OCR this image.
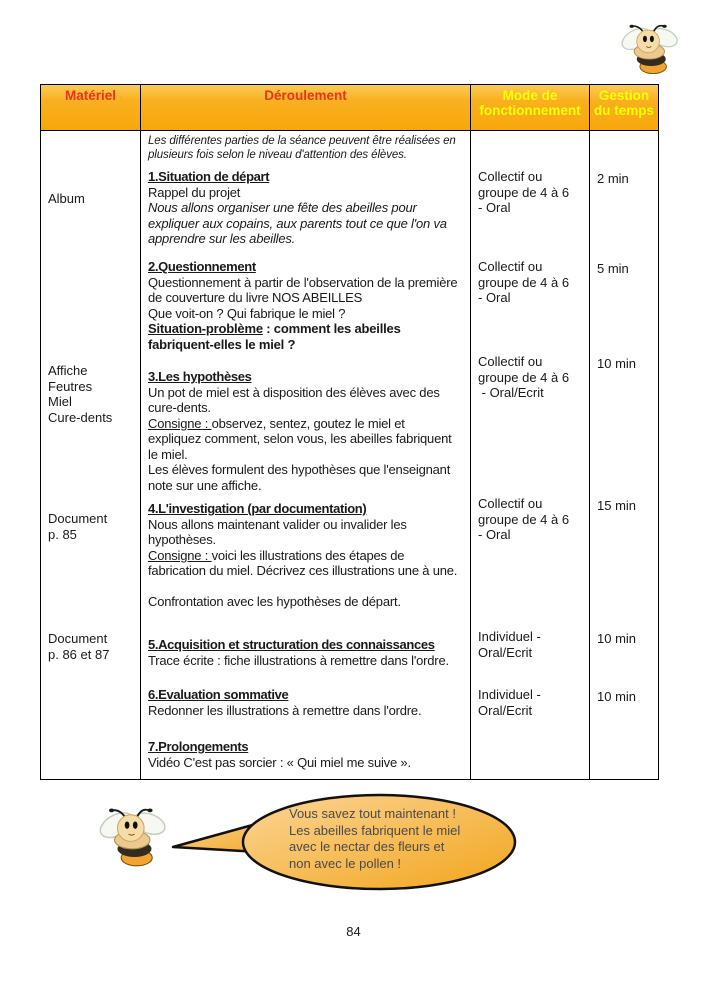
Matériel	Déroulement	Mode de fonctionnement
Gestion du temps
Album
Affiche
Feutres
Miel
Cure-dents
Document
p. 85
Document
p. 86 et 87
Les différentes parties de la séance peuvent être réalisées en plusieurs fois selon le niveau d'attention des élèves.
1.Situation de départ
Rappel du projet
Nous allons organiser une fête des abeilles pour expliquer aux copains, aux parents tout ce que l'on va apprendre sur les abeilles.
2.Questionnement
Questionnement à partir de l'observation de la première de couverture du livre NOS ABEILLES
Que voit-on ? Qui fabrique le miel ?
Situation-problème : comment les abeilles fabriquent-elles le miel ?
3.Les hypothèses
Un pot de miel est à disposition des élèves avec des cure-dents.
Consigne : observez, sentez, goutez le miel et expliquez comment, selon vous, les abeilles fabriquent le miel.
Les élèves formulent des hypothèses que l'enseignant note sur une affiche.
4.L'investigation (par documentation)
Nous allons maintenant valider ou invalider les hypothèses.
Consigne : voici les illustrations des étapes de fabrication du miel. Décrivez ces illustrations une à une.
Confrontation avec les hypothèses de départ.
5.Acquisition et structuration des connaissances
Trace écrite : fiche illustrations à remettre dans l'ordre.
6.Evaluation sommative
Redonner les illustrations à remettre dans l'ordre.
7.Prolongements
Vidéo C'est pas sorcier : « Qui miel me suive ».
Collectif ou
groupe de 4 à 6
- Oral
Collectif ou
groupe de 4 à 6
- Oral
Collectif ou
groupe de 4 à 6
- Oral/Ecrit
Collectif ou
groupe de 4 à 6
- Oral
Individuel -
Oral/Ecrit
Individuel -
Oral/Ecrit
2 min
5 min
10 min
15 min
10 min
10 min
Vous savez tout maintenant !
Les abeilles fabriquent le miel
avec le nectar des fleurs et
non avec le pollen !
84
